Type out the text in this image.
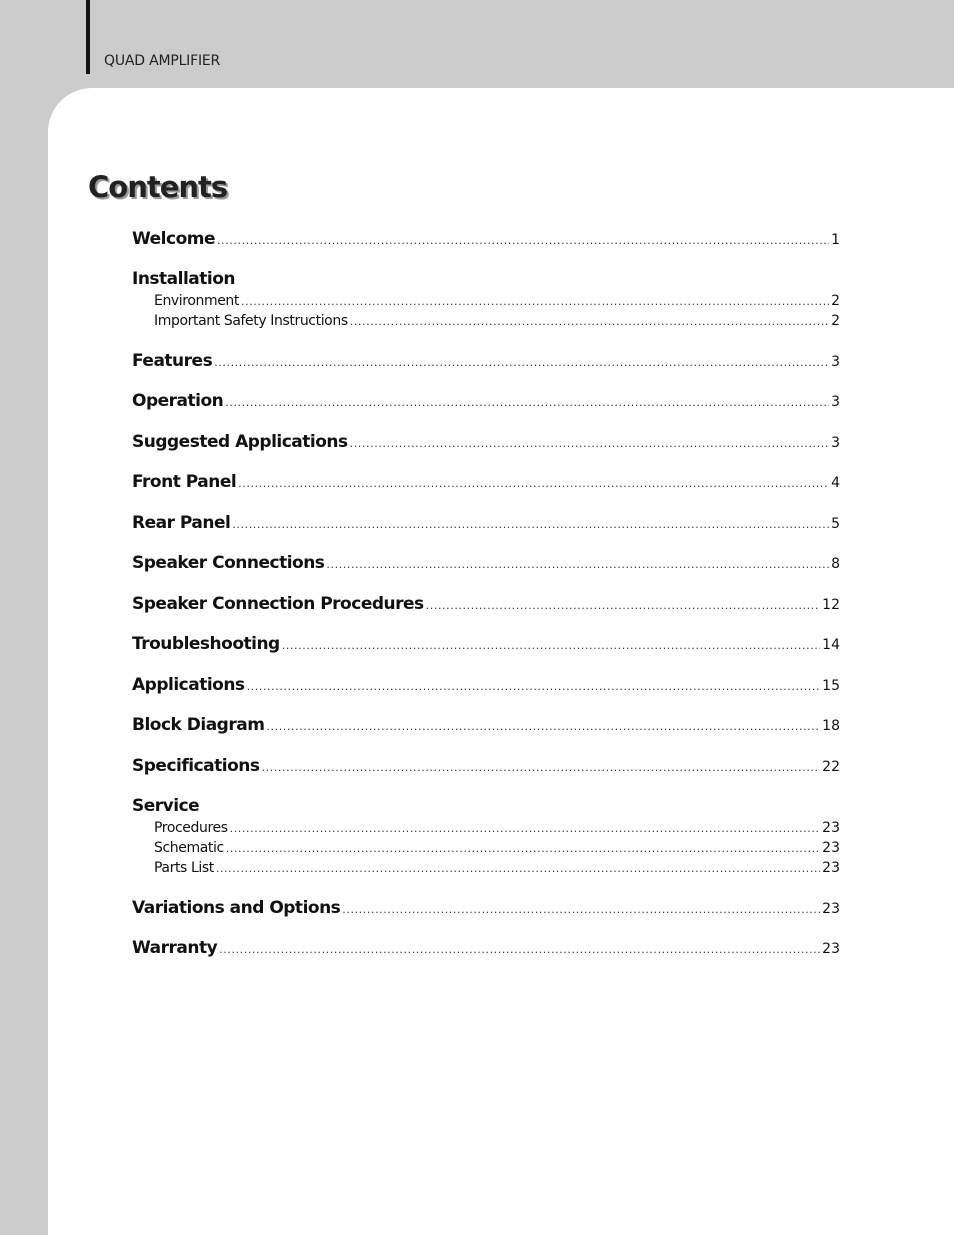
QUAD AMPLIFIER
Contents
Welcome .....	1
Installation
Environment .....	2
Important Safety Instructions .....	2
Features .....	3
Operation .....	3
Suggested Applications .....	3
Front Panel .....	4
Rear Panel .....	5
Speaker Connections .....	8
Speaker Connection Procedures .....	12
Troubleshooting .....	14
Applications .....	15
Block Diagram .....	18
Specifications .....	22
Service
Procedures .....	23
Schematic .....	23
Parts List .....	23
Variations and Options .....	23
Warranty .....	23
